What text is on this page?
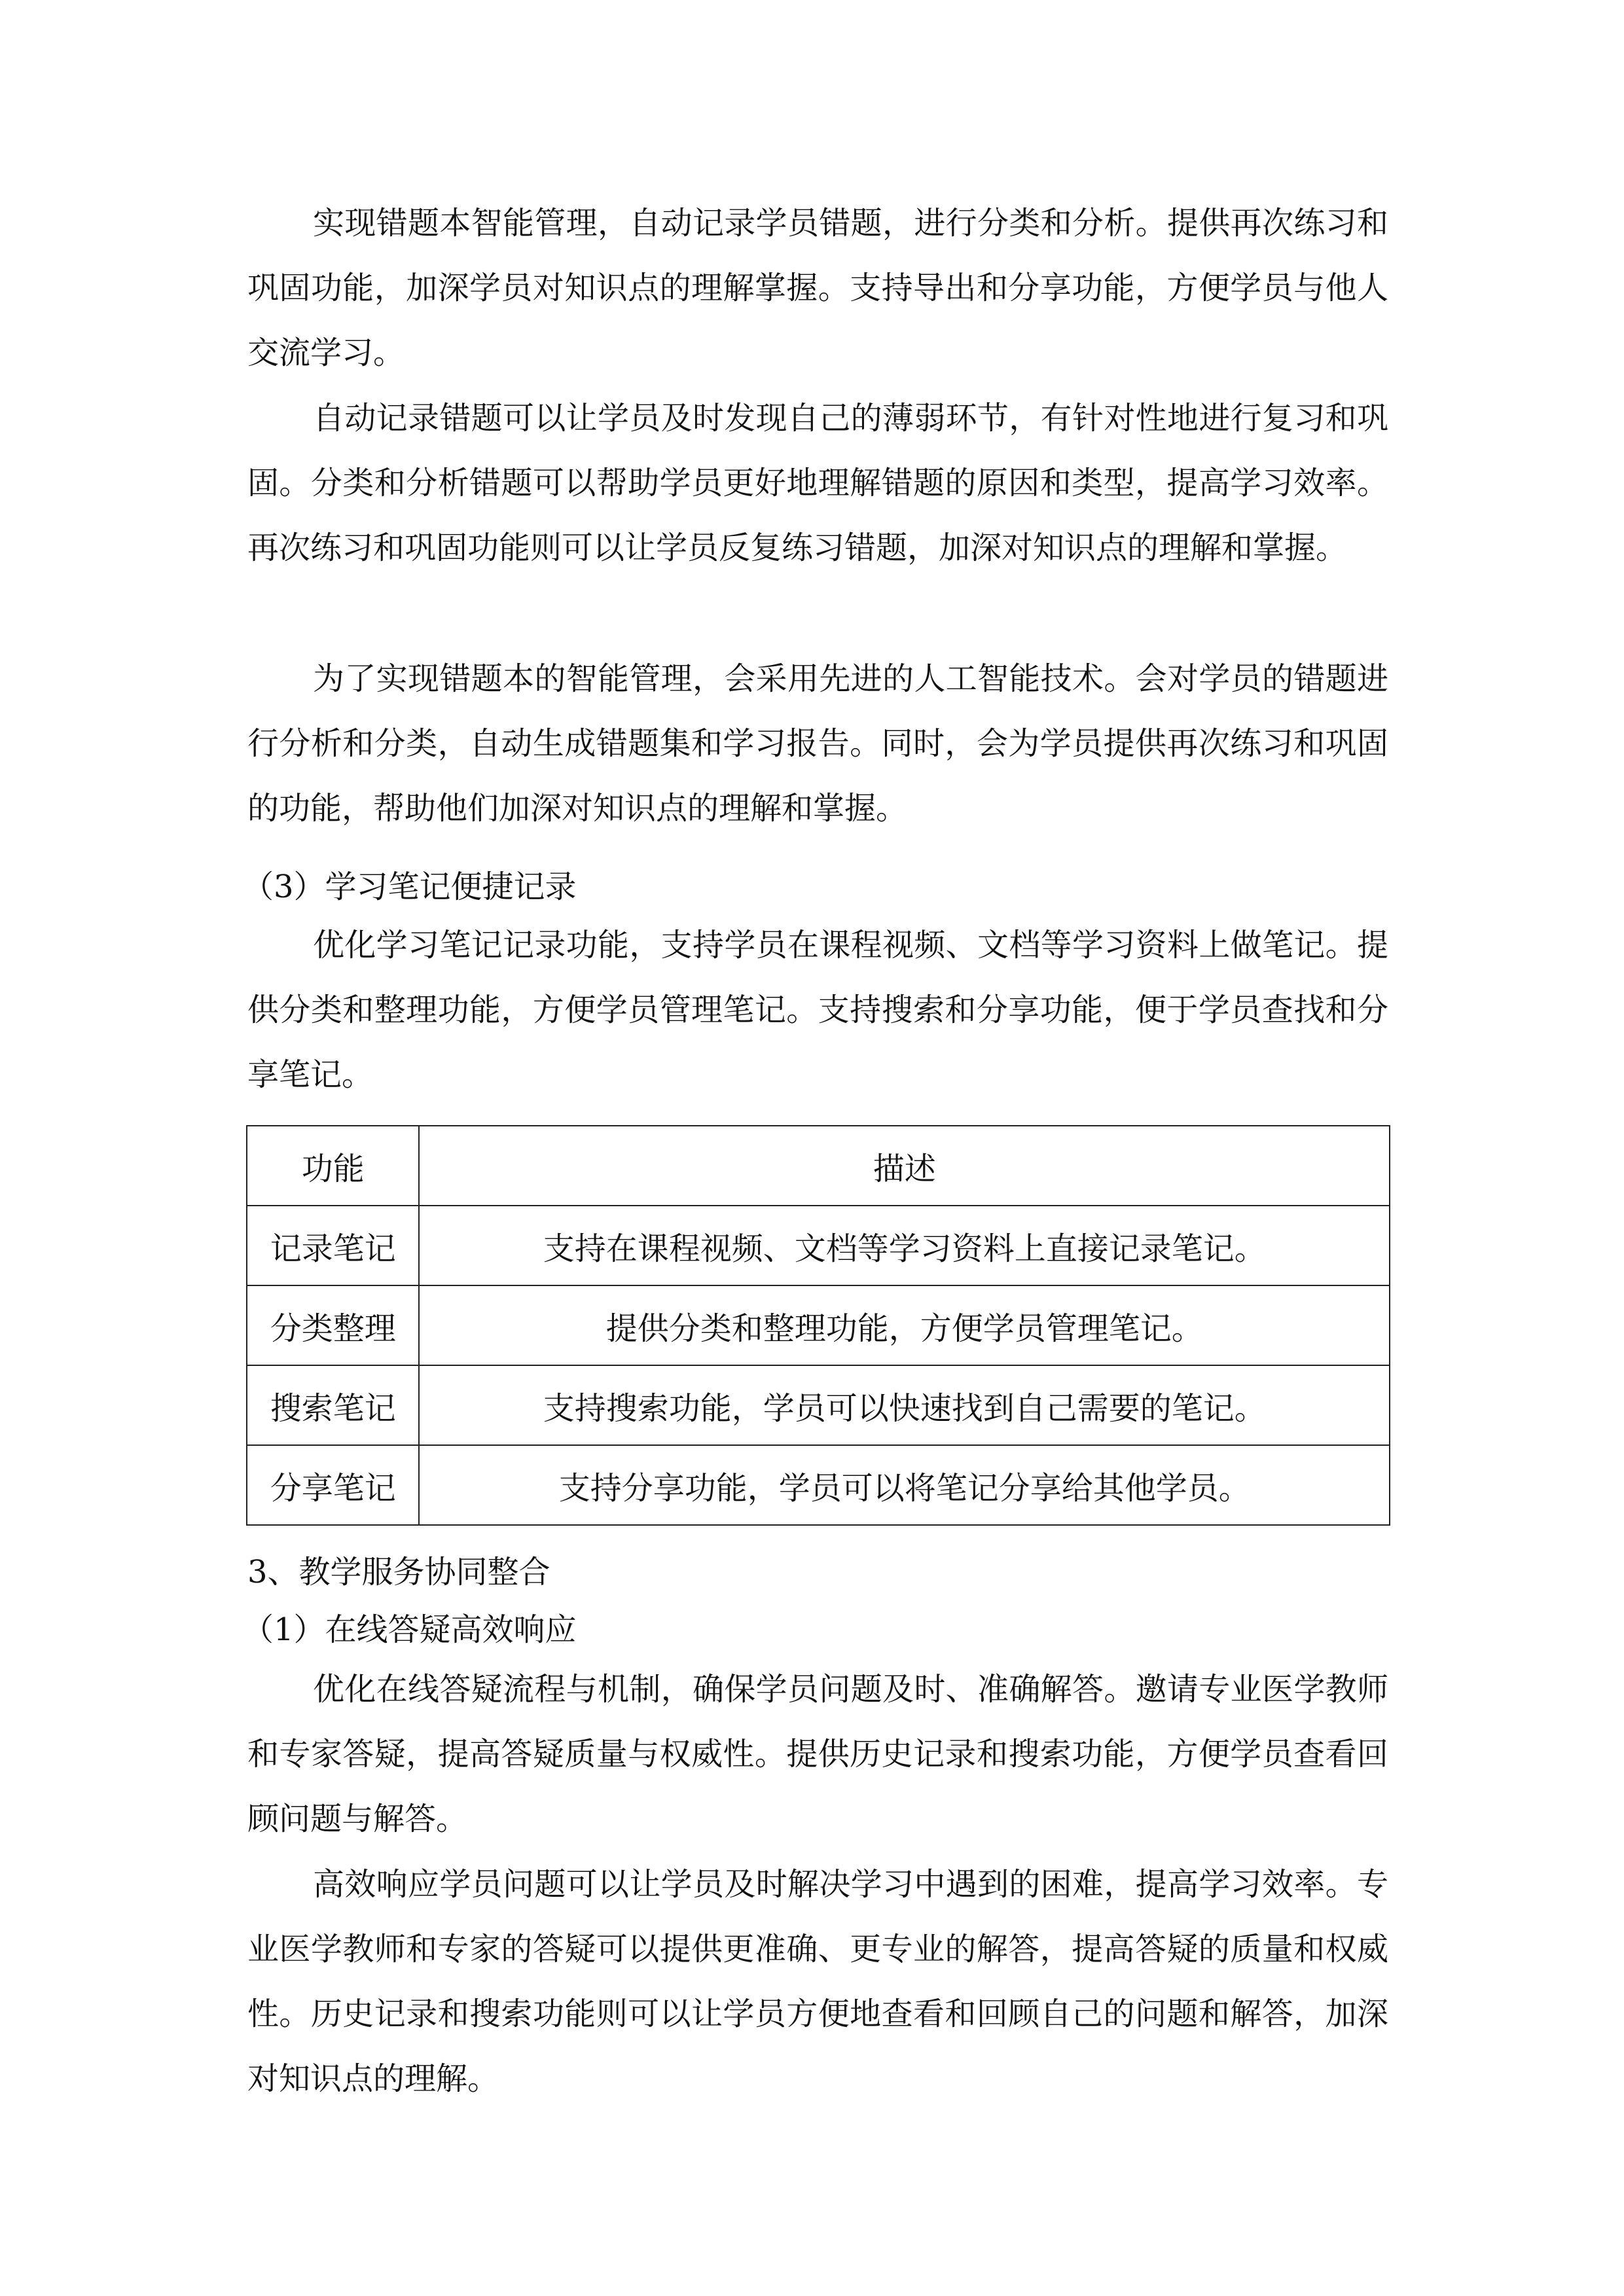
实现错题本智能管理，自动记录学员错题，进行分类和分析。提供再次练习和巩固功能，加深学员对知识点的理解掌握。支持导出和分享功能，方便学员与他人交流学习。

自动记录错题可以让学员及时发现自己的薄弱环节，有针对性地进行复习和巩固。分类和分析错题可以帮助学员更好地理解错题的原因和类型，提高学习效率。再次练习和巩固功能则可以让学员反复练习错题，加深对知识点的理解和掌握。

为了实现错题本的智能管理，会采用先进的人工智能技术。会对学员的错题进行分析和分类，自动生成错题集和学习报告。同时，会为学员提供再次练习和巩固的功能，帮助他们加深对知识点的理解和掌握。

（3）学习笔记便捷记录

优化学习笔记记录功能，支持学员在课程视频、文档等学习资料上做笔记。提供分类和整理功能，方便学员管理笔记。支持搜索和分享功能，便于学员查找和分享笔记。

功能	描述
记录笔记	支持在课程视频、文档等学习资料上直接记录笔记。
分类整理	提供分类和整理功能，方便学员管理笔记。
搜索笔记	支持搜索功能，学员可以快速找到自己需要的笔记。
分享笔记	支持分享功能，学员可以将笔记分享给其他学员。

3、教学服务协同整合

（1）在线答疑高效响应

优化在线答疑流程与机制，确保学员问题及时、准确解答。邀请专业医学教师和专家答疑，提高答疑质量与权威性。提供历史记录和搜索功能，方便学员查看回顾问题与解答。

高效响应学员问题可以让学员及时解决学习中遇到的困难，提高学习效率。专业医学教师和专家的答疑可以提供更准确、更专业的解答，提高答疑的质量和权威性。历史记录和搜索功能则可以让学员方便地查看和回顾自己的问题和解答，加深对知识点的理解。
